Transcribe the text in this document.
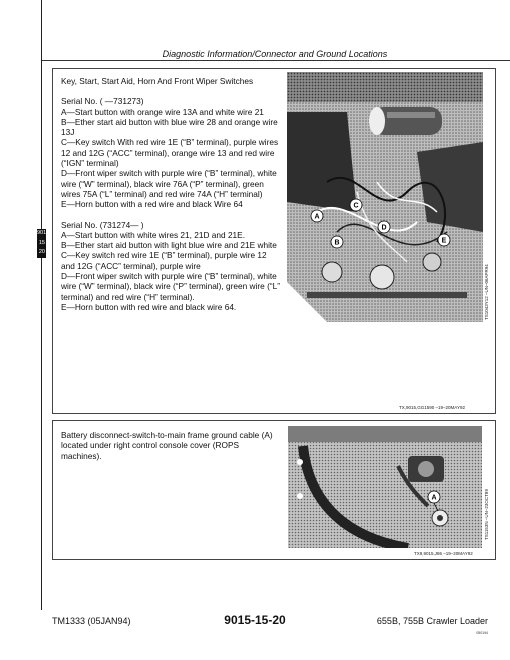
Diagnostic Information/Connector and Ground Locations

Key, Start, Start Aid, Horn And Front Wiper Switches

Serial No. ( —731273)

A—Start button with orange wire 13A and white wire 21

B—Ether start aid button with blue wire 28 and orange wire 13J

C—Key switch With red wire 1E (“B” terminal), purple wires 12 and 12G (“ACC” terminal), orange wire 13 and red wire (“IGN” terminal)

D—Front wiper switch with purple wire (“B” terminal), white wire (“W” terminal), black wire 76A (“P” terminal), green wires 75A (“L” terminal) and red wire 74A (“H” terminal)

E—Horn button with a red wire and black Wire 64

Serial No. (731274— )

A—Start button with white wires 21, 21D and 21E.

B—Ether start aid button with light blue wire and 21E white

C—Key switch red wire 1E (“B” terminal), purple wire 12 and 12G (“ACC” terminal), purple wire

D—Front wiper switch with purple wire (“B” terminal), white wire (“W” terminal), black wire (“P” terminal), green wire (“L” terminal) and red wire (“H” terminal).

E—Horn button with red wire and black wire 64.

9015
15
20
A
B
C
D
E
TS1043Y12 –UN–06APR94
TX,9015,GG1590 –19–20MAY92
Battery disconnect-switch-to-main frame ground cable (A) located under right control console cover (ROPS machines).
A	TS1153N –UN–23OCT89
TX9,9015,J86 –19–20MAY92
TM1333 (05JAN94)	9015-15-20	655B, 755B Crawler Loader
050194
